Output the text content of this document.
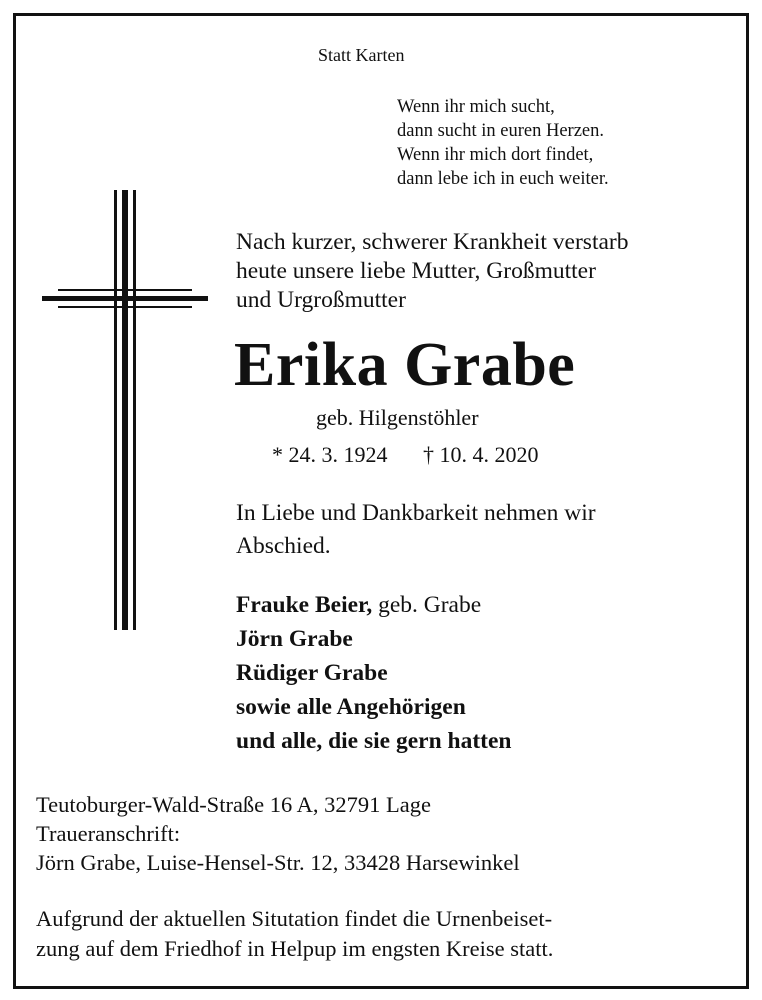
Statt Karten
Wenn ihr mich sucht,
dann sucht in euren Herzen.
Wenn ihr mich dort findet,
dann lebe ich in euch weiter.
Nach kurzer, schwerer Krankheit verstarb
heute unsere liebe Mutter, Großmutter
und Urgroßmutter
Erika Grabe
geb. Hilgenstöhler
* 24. 3. 1924 † 10. 4. 2020
In Liebe und Dankbarkeit nehmen wir
Abschied.
Frauke Beier, geb. Grabe
Jörn Grabe
Rüdiger Grabe
sowie alle Angehörigen
und alle, die sie gern hatten
Teutoburger-Wald-Straße 16 A, 32791 Lage
Traueranschrift:
Jörn Grabe, Luise-Hensel-Str. 12, 33428 Harsewinkel
Aufgrund der aktuellen Situtation findet die Urnenbeiset-
zung auf dem Friedhof in Helpup im engsten Kreise statt.
